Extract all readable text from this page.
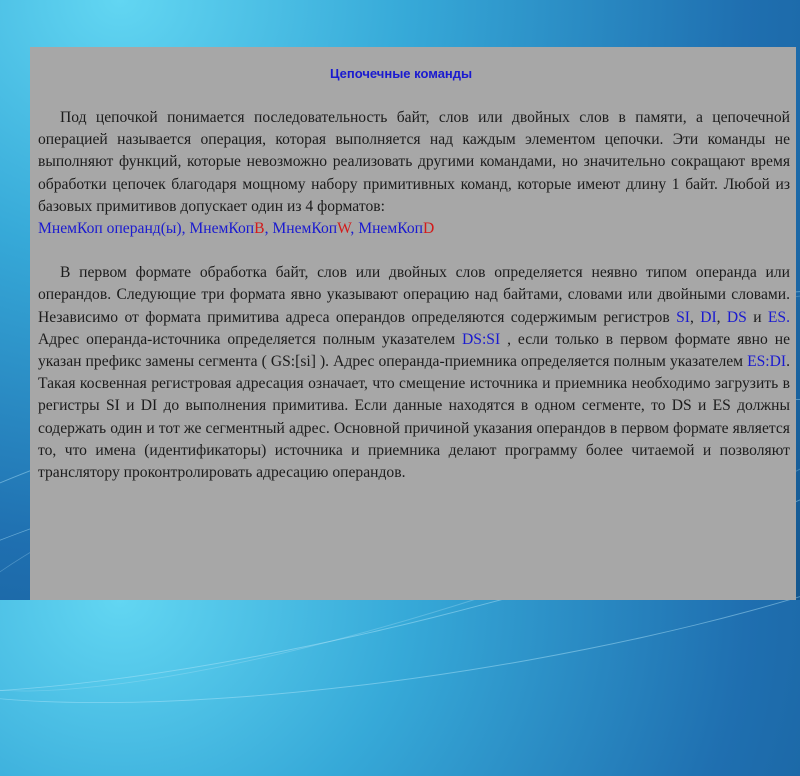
Цепочечные команды

Под цепочкой понимается последовательность байт, слов или двойных слов в памяти, а цепочечной операцией называется операция, которая выполняется над каждым элементом цепочки. Эти команды не выполняют функций, которые невозможно реализовать другими командами, но значительно сокращают время обработки цепочек благодаря мощному набору примитивных команд, которые имеют длину 1 байт. Любой из базовых примитивов допускает один из 4 форматов:

МнемКоп операнд(ы), МнемКопB, МнемКопW, МнемКопD

В первом формате обработка байт, слов или двойных слов определяется неявно типом операнда или операндов. Следующие три формата явно указывают операцию над байтами, словами или двойными словами. Независимо от формата примитива адреса операндов определяются содержимым регистров SI, DI, DS и ES. Адрес операнда-источника определяется полным указателем DS:SI , если только в первом формате явно не указан префикс замены сегмента ( GS:[si] ). Адрес операнда-приемника определяется полным указателем ES:DI. Такая косвенная регистровая адресация означает, что смещение источника и приемника необходимо загрузить в регистры SI и DI до выполнения примитива. Если данные находятся в одном сегменте, то DS и ES должны содержать один и тот же сегментный адрес. Основной причиной указания операндов в первом формате является то, что имена (идентификаторы) источника и приемника делают программу более читаемой и позволяют транслятору проконтролировать адресацию операндов.
